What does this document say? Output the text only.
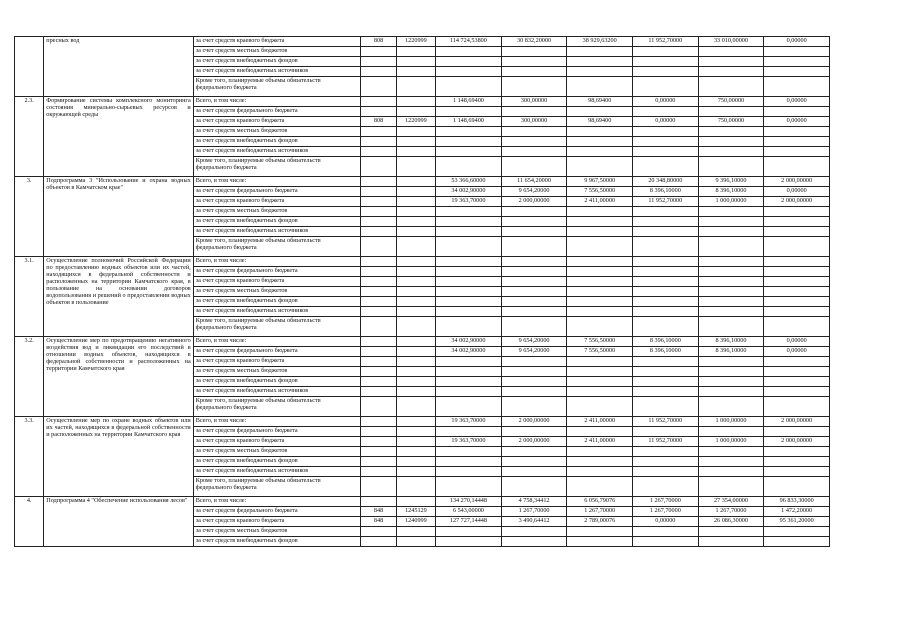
	пресных вод	за счет средств краевого бюджета	808	1220999	114 724,53800	30 832,20000	38 929,63200	11 952,70000	33 010,00000	0,00000
		за счет средств местных бюджетов								
		за счет средств внебюджетных фондов								
		за счет средств внебюджетных источников								
		Кроме того, планируемые объемы обязательств федерального бюджета								
2.3.	Формирование системы комплексного мониторинга состояния минерально-сырьевых ресурсов и окружающей среды	Всего, в том числе:			1 148,69400	300,00000	98,69400	0,00000	750,00000	0,00000
		за счет средств федерального бюджета								
		за счет средств краевого бюджета	808	1220999	1 148,69400	300,00000	98,69400	0,00000	750,00000	0,00000
		за счет средств местных бюджетов								
		за счет средств внебюджетных фондов								
		за счет средств внебюджетных источников								
		Кроме того, планируемые объемы обязательств федерального бюджета								
3.	Подпрограмма 3 "Использование и охрана водных объектов в Камчатском крае"	Всего, в том числе:			53 366,60000	11 654,20000	9 967,50000	20 348,80000	9 396,10000	2 000,00000
		за счет средств федерального бюджета			34 002,90000	9 654,20000	7 556,50000	8 396,10000	8 396,10000	0,00000
		за счет средств краевого бюджета			19 363,70000	2 000,00000	2 411,00000	11 952,70000	1 000,00000	2 000,00000
		за счет средств местных бюджетов								
		за счет средств внебюджетных фондов								
		за счет средств внебюджетных источников								
		Кроме того, планируемые объемы обязательств федерального бюджета								
3.1.	Осуществление полномочий Российской Федерации по предоставлению водных объектов или их частей, находящихся в федеральной собственности и расположенных на территории Камчатского края, в пользование на основании договоров водопользования и решений о предоставлении водных объектов в пользование	Всего, в том числе:								
		за счет средств федерального бюджета								
		за счет средств краевого бюджета								
		за счет средств местных бюджетов								
		за счет средств внебюджетных фондов								
		за счет средств внебюджетных источников								
		Кроме того, планируемые объемы обязательств федерального бюджета								
3.2.	Осуществление мер по предотвращению негативного воздействия вод и ликвидации его последствий в отношении водных объектов, находящихся в федеральной собственности и расположенных на территории Камчатского края	Всего, в том числе:			34 002,90000	9 654,20000	7 556,50000	8 396,10000	8 396,10000	0,00000
		за счет средств федерального бюджета			34 002,90000	9 654,20000	7 556,50000	8 396,10000	8 396,10000	0,00000
		за счет средств краевого бюджета								
		за счет средств местных бюджетов								
		за счет средств внебюджетных фондов								
		за счет средств внебюджетных источников								
		Кроме того, планируемые объемы обязательств федерального бюджета								
3.3.	Осуществление мер по охране водных объектов или их частей, находящихся в федеральной собственности и расположенных на территории Камчатского края	Всего, в том числе:			19 363,70000	2 000,00000	2 411,00000	11 952,70000	1 000,00000	2 000,00000
		за счет средств федерального бюджета								
		за счет средств краевого бюджета			19 363,70000	2 000,00000	2 411,00000	11 952,70000	1 000,00000	2 000,00000
		за счет средств местных бюджетов								
		за счет средств внебюджетных фондов								
		за счет средств внебюджетных источников								
		Кроме того, планируемые объемы обязательств федерального бюджета								
4.	Подпрограмма 4 "Обеспечение использования лесов"	Всего, в том числе:			134 270,14448	4 758,34412	6 056,79076	1 267,70000	27 354,00000	96 833,30000
		за счет средств федерального бюджета	848	1245129	6 543,00000	1 267,70000	1 267,70000	1 267,70000	1 267,70000	1 472,20000
		за счет средств краевого бюджета	848	1240999	127 727,14448	3 490,64412	2 789,00076	0,00000	26 086,30000	95 361,20000
		за счет средств местных бюджетов								
		за счет средств внебюджетных фондов								
